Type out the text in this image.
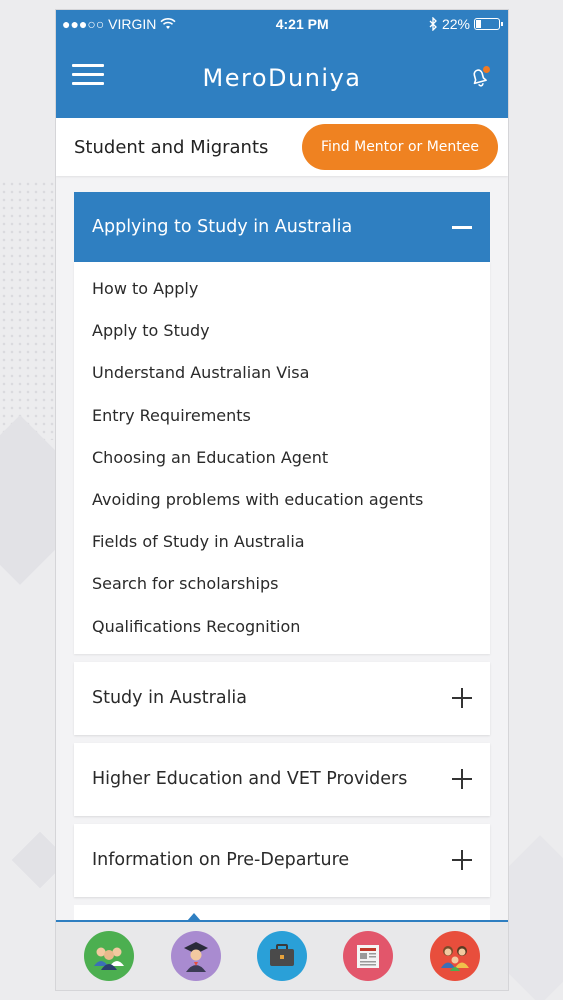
●●●○○ VIRGIN	4:21 PM	22%
MeroDuniya
Student and Migrants	Find Mentor or Mentee
Applying to Study in Australia
How to Apply
Apply to Study
Understand Australian Visa
Entry Requirements
Choosing an Education Agent
Avoiding problems with education agents
Fields of Study in Australia
Search for scholarships
Qualifications Recognition
Study in Australia
Higher Education and VET Providers
Information on Pre-Departure
